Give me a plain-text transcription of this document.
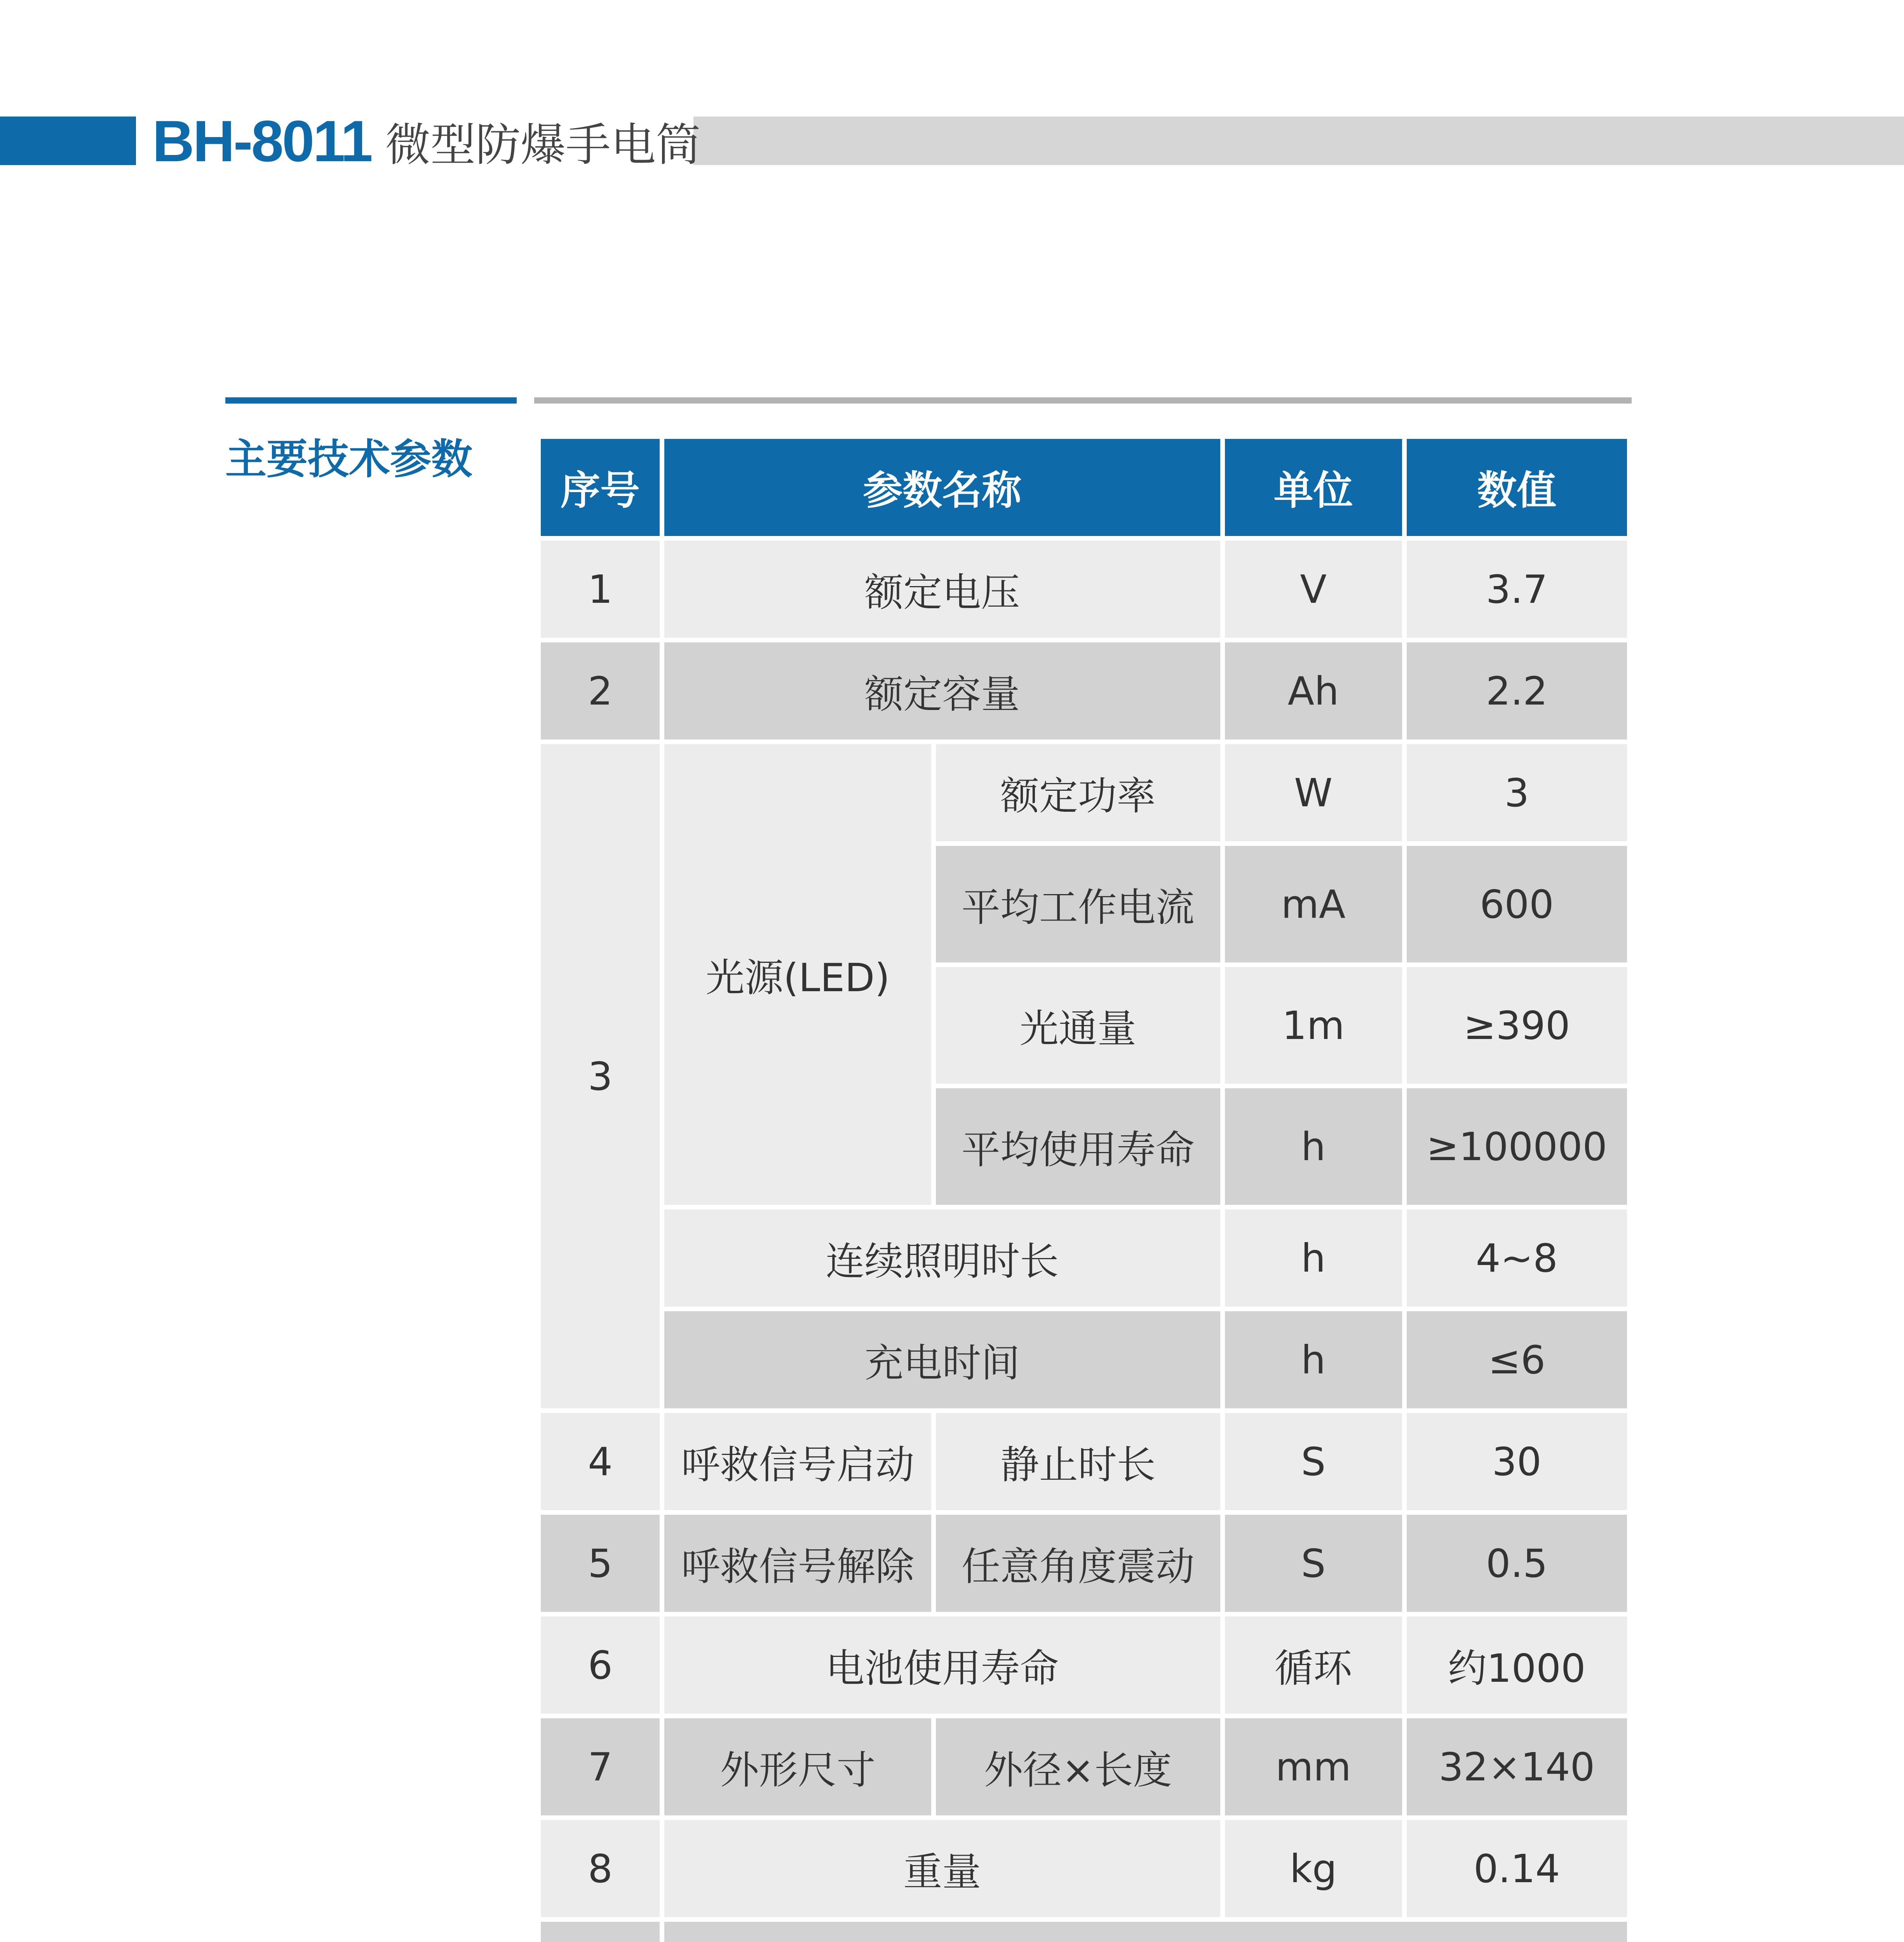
BH-8011 微型防爆手电筒
主要技术参数
序号	参数名称		单位	数值
1	额定电压		V	3.7
2	额定容量		Ah	2.2
3	光源(LED)	额定功率	W	3
		平均工作电流	mA	600
		光通量	1m	≥390
		平均使用寿命	h	≥100000
	连续照明时长		h	4~8
	充电时间		h	≤6
4	呼救信号启动	静止时长	S	30
5	呼救信号解除	任意角度震动	S	0.5
6	电池使用寿命		循环	约1000
7	外形尺寸	外径×长度	mm	32×140
8	重量		kg	0.14
